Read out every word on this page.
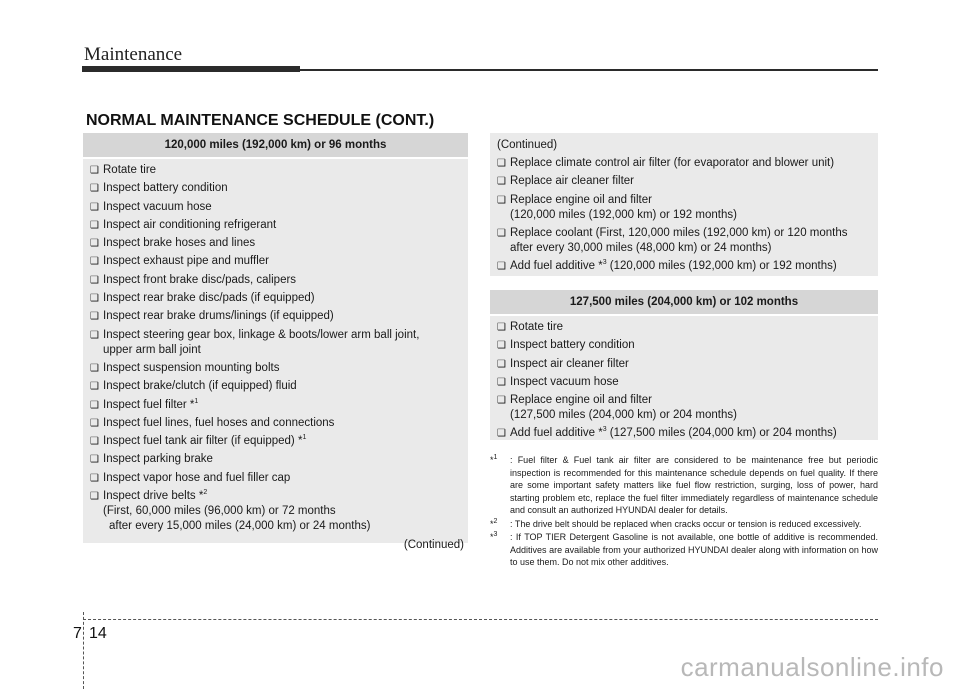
Maintenance
NORMAL MAINTENANCE SCHEDULE (CONT.)
120,000 miles (192,000 km) or 96 months
❑ Rotate tire
❑ Inspect battery condition
❑ Inspect vacuum hose
❑ Inspect air conditioning refrigerant
❑ Inspect brake hoses and lines
❑ Inspect exhaust pipe and muffler
❑ Inspect front brake disc/pads, calipers
❑ Inspect rear brake disc/pads (if equipped)
❑ Inspect rear brake drums/linings (if equipped)
❑ Inspect steering gear box, linkage & boots/lower arm ball joint,
upper arm ball joint
❑ Inspect suspension mounting bolts
❑ Inspect brake/clutch (if equipped) fluid
❑ Inspect fuel filter *$^1$
❑ Inspect fuel lines, fuel hoses and connections
❑ Inspect fuel tank air filter (if equipped) *$^1$
❑ Inspect parking brake
❑ Inspect vapor hose and fuel filler cap
❑ Inspect drive belts *$^2$
(First, 60,000 miles (96,000 km) or 72 months
after every 15,000 miles (24,000 km) or 24 months)
(Continued)
(Continued)
❑ Replace climate control air filter (for evaporator and blower unit)
❑ Replace air cleaner filter
❑ Replace engine oil and filter
(120,000 miles (192,000 km) or 192 months)
❑ Replace coolant (First, 120,000 miles (192,000 km) or 120 months
after every 30,000 miles (48,000 km) or 24 months)
❑ Add fuel additive *$^3$ (120,000 miles (192,000 km) or 192 months)
127,500 miles (204,000 km) or 102 months
❑ Rotate tire
❑ Inspect battery condition
❑ Inspect air cleaner filter
❑ Inspect vacuum hose
❑ Replace engine oil and filter
(127,500 miles (204,000 km) or 204 months)
❑ Add fuel additive *$^3$ (127,500 miles (204,000 km) or 204 months)
*$^1$	: Fuel filter & Fuel tank air filter are considered to be maintenance free but periodic inspection is recommended for this maintenance schedule depends on fuel quality. If there are some important safety matters like fuel flow restriction, surging, loss of power, hard starting problem etc, replace the fuel filter immediately regardless of maintenance schedule and consult an authorized HYUNDAI dealer for details.
*$^2$	: The drive belt should be replaced when cracks occur or tension is reduced excessively.
*$^3$	: If TOP TIER Detergent Gasoline is not available, one bottle of additive is recommended. Additives are available from your authorized HYUNDAI dealer along with information on how to use them. Do not mix other additives.
7 14
carmanualsonline.info
